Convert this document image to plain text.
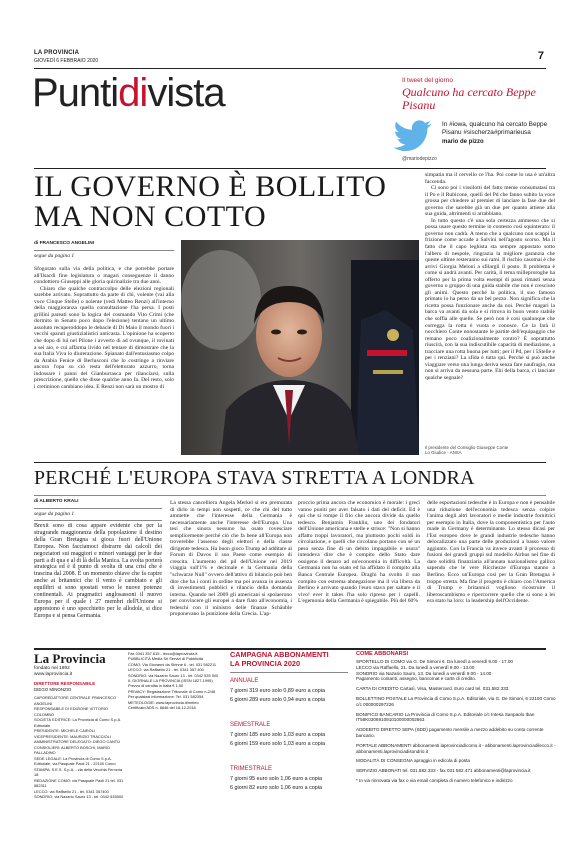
LA PROVINCIA
GIOVEDÌ 6 FEBBRAIO 2020	7
Puntidivista	Il tweet del giorno
Qualcuno ha cercato Beppe Pisanu
In #iowa, qualcuno ha cercato Beppe Pisanu #sischerza#primarieusa
mario de pizzo
@mariodepizzo
IL GOVERNO È BOLLITO
MA NON COTTO
di FRANCESCO ANGELINI
segue da pagina 1

Sfogorato sulla via della politica, e che potrebbe portare all'Ilsacdi fine legislatura o magari conseguenze il danno condottiero Giuseppi alle gloria quirinalizie tra due anni.

Chiaro che qualche contraccolpo delle elezioni regionali sarebbe arrivato. Soprattutto da parte di chi, volente (vai alla voce Cinque Stelle) o nolente (vedi Matteo Renzi) all'interno della maggioranza quella consultazione l'ha persa. I posti grillini pareati sono la logica del cosmando Vito Crimi (che dormito in Senato poco dopo l'elezione) tentano un ultimo assoluto recuperoddopo le debacle di Di Maio il mondo fuori i vecchi sparuti giustizialistici anticasta. L'opinione ha scoperto che dopo di lui nel Pilone i avverto di ad ovunque, il rovinati a sei aio, e cui affarma livido nel tentare di dimostrare che la sua Italia Viva lo diurerazione. Spianato dall'entusiasmo colpo da Arabia Fenice di Berlusconi che lo costringe a rinviare ancora l'opa su ciò resta dell'elettorato azzurro, torna indossare i panni del Gianburrasca per rilanciarsi, sulla prescrizione, quello che disse qualche anno fa. Del resto, solo i cretininon cambiano idea. E Renzi non sarà un mostro di

simpatia ma il cervello ce l'ha. Poi come lo usa è un'altra faccenda.

Ci sono poi i vissilotti del fatto meme consumatasi tra il Po e il Rubicone, quelli del Pd che fanno subito la voce grossa per chiedere al premier di lanciare la fase due del governo che sarebbe già un due per quanto attiene alla sua guida, altrimenti si arrabbiano.

In tutto questo c'è una sola certezza ammesso che si possa usare questo termine in contesto così squinterato: il governo non cadrà. A meno che a qualcuno non scappi la frizione come accade a Salvini nell'agosto scorso. Ma il fatto che il capo leghista sta sempre appostato sotto l'albero di nespole, ringrazia la migliore garanzia che queste ultime resteranno sui rami. Il rischio casomai è che arrivi Giorgia Meloni a sfilargli il posto. Il problema è come si andrà avanti. Per carità, il tema milleproroghe ha offerto per la prima volta esempi di passi rimasti senza governo o gruppo di una guida stabile che non è cresciuto gli animi. Questo perché la politica, il suo famoso primato lo ha perso da un bel pezzo. Non significa che la ricetta possa funzionare anche da noi. Perché magari la barca va avanti da sola e si ritrova in buon vento stabile che soffia alle quelle. Se però non è così qualunque che corregga la rotta è vuota e conosce. Ce la farà il nocchiero Conte nonostante le partite dell'equipaggio che remano poco coalizionalmente contro? È soprattutto riuscirà, con la sua indiscutibile capacità di mediazione, a tracciare una rotta buona per tutti; per il Pd, per i 5Stelle e per i renziani? La sfida è tutta qui. Perché si può anche viaggiare verso una lunga deriva senza fare naufragio, ma non si arriva da nessuna parte. Ehi della barca, ci lanciate qualche segnale?

Il presidente del Consiglio Giuseppe Conte
Lo Giudice - ANSA
PERCHÉ L'EUROPA STAVA STRETTA A LONDRA
di ALBERTO KRALI
segue da pagina 1

Brexit sono di cosa appare evidente che per la stragrande maggioranza della popolazione il destino della Gran Bretagna si gioca fuori dell'Unione Europea. Non facciamoci distrarre dai calcoli dei negoziatori sui maggiori e minori vantaggi per le due parti a di qua e al di là della Manica. La svolta porterà strategica ed è il punto di svolta di una crisi che è trascina dal 2008. È un momento chiave che fa capire anche ai britannici che il vento è cambiato e gli equilibri si sono spostati verso le nuove potenze continentali. Ai pragmatici anglosassoni il nuovo Europa per il quale i 27 membri dell'Unione si apprestono è uno specchietto per le allodole, si dice Europa e si pensa Germania.

La stessa cancelliera Angela Merkel si era premurata di dirlo in tempi non sospetti, ce che chi del tutto ammette che l'interesse della Germania è necessariamente anche l'interesse dell'Europa. Una tesi che sinora nessuno ha osato rovesciare semplicemente perché ciò che fa bene all'Europa non troverebbe l'assenso degli elettori e della classe dirigente tedesca. Ha buon gioco Trump ad additare al Forum di Davos il suo Paese come esempio di crescita. L'aumento del pil dell'Unione nel 2019 viaggia sull'1% e decimale e la Germania della "schwarze Null" ovvero dell'attivo di bilancio può ben dire che ha i conti in ordine ma poi avanza in assenza di investimenti pubblici e rilancio della domanda interna. Quando nel 2009 gli americani si spolaerono per convincere gli europei a dare fiato all'economia, i tedeschi con il ministro delle finanze Schäuble proponevano la punizione della Grecia. L'ap-

proccio prima ancora che economico è morale: i greci vanno puniti per aver falsato i dati del deficit. Ed è qui che si rompe il filo che ancora divide da quello tedesco. Benjamin Franklin, uno dei fondatori dell'Unione americana e stelle e strisce: "Non si hanno affatto troppi lavoratori, ma piuttosto pochi soldi in circolazione, e quelli che circolano portano con sé un peso senza fine di un debito impagabile e usura" intendeva dire che è compito dello Stato dare ossigeno il denaro ad un'economia in difficoltà. La Germania non ha osato ed ha affidato il compito alla Banca Centrale Europea. Draghi ha svolto il suo compito con estrema abnegazione ma il via libera da Berlino è arrivato quando l'euro stava per saltare e il vivo! ever it takes l'ha solo ripreso per i capelli. L'egemonia della Germania è spiegabile. Più del 60%

delle esportazioni tedesche è in Europa e non è pensabile una riduzione dell'economia tedesca senza colpire l'anima degli altri lavoratori e medie industrie fornitrici per esempio in Italia, dove la componentistica per l'auto made in Germany è determinante. Lo stesso dicasi per l'Est europeo dove le grandi industrie tedesche hanno delocalizzato una parte delle produzioni a basso valore aggiunto. Con la Francia va invece avanti il processo di fusioni dei grandi gruppi sul modello Airbus nel fine di dare solidità finanziaria all'annata nazionalismo gallico sapendo che le vere Ricchezze d'Europa stanno a Berlino. Ecco un'Europa così per la Gran Bretagna è troppo stretta. Ma fine il progetto è chiaro con l'America di Trump e britannici vogliono ricostruire il liberoscambismo e ripercorrere quello che si sono a lei era stato ha loro: la leadership dell'Occidente.

La Provincia
fondato nel 1892
www.laprovincia.it
DIRETTORE RESPONSABILE
DIEGO MINONZIO
CAPOREDATTORE CENTRALE FRANCESCO ANGELINI
RESPONSABILE DI EDIZIONE VITTORIO COLOMBO
SOCIETÀ EDITRICE: La Provincia di Como S.p.A. Editoriale
PRESIDENTE: MICHELE CAIROLI
VICEPRESIDENTE: MAURIZIO TRACCIOLI
AMMINISTRATORE DELEGATO: DIEGO CANTÙ
CONSIGLIERI: ALBERTO BOSCHI, MARIO PALLADINO
SEDE LEGALE: La Provincia di Como S.p.A. Editoriale, via Pasquale Paoli 21 - 22100 Como
STAMPA: S.E.S. S.p.A. - via della Vecchia Ferrovia 18
REDAZIONE COMO: via Pasquale Paoli 21 tel. 031 582311
LECCO: via Raffaello 21 - tel. 0341 357400
SONDRIO: via Nazario Sauro 13 - tel. 0342 535500
Fax 0341 357.615 - lecco@laprovincia.it
PUBBLICITÀ Media Srl Servizi di Pubblicità
COMO: Via Giovanni da Sirinne 6 - tel. 031 582211
LECCO: via Raffaello 21 - tel. 0341 357 400
SONDRIO: via Nazario Sauro 13 - tel. 0342 535 500
IL GIORNALE LA PROVINCIA (ISSN 1827-1995)
Prezzo di vendita in Italia € 1,50
PRIVACY: Registrazione Tribunale di Como n.2/48
Per qualsiasi informazione: Tel. 031 582354
METEOLOGIE: www.laprovincia.it/meteo
Certificato ADS n. 8646 del 18-12-2018
CAMPAGNA ABBONAMENTI
LA PROVINCIA 2020
ANNUALE
7 giorni 319 euro solo 0,89 euro a copia
6 giorni 289 euro solo 0,94 euro a copia
SEMESTRALE
7 giorni 185 euro solo 1,03 euro a copia
6 giorni 159 euro solo 1,03 euro a copia
TRIMESTRALE
7 giorni 95 euro solo 1,06 euro a copia
6 giorni 82 euro solo 1,06 euro a copia
COME ABBONARSI
SPORTELLO DI COMO via G. De Simoni 6. Da lunedì a venerdì 9.00 - 17.00
LECCO via Raffaello, 21. Da lunedì a venerdì 9.00 - 13.00
SONDRIO via Nazario Sauro, 13. Da lunedì a venerdì 9.00 - 14.00
Pagamento contanti, assegno, bancomat e carte di credito.
CARTA DI CREDITO Cartasì, Visa, Mastercard. Euro card tel. 031.582.333.
BOLLETTINO POSTALE La Provincia di Como S.p.A. Editoriale, via G. De Simoni, 6 22100 Como c/c 000000297226
BONIFICO BANCARIO La Provincia di Como S.p.A. Editoriale c/c Intesa Sanpaolo Iban IT58K0306910910100000002663
ADDEBITO DIRETTO SEPA (SDD) pagamento mensile a mezzo addebito su conto corrente bancario.
PORTALE ABBONAMENTI abbonamenti.laprovinciadicomo.it - abbonamenti.laprovinciadilecco.it - abbonamenti.laprovinciadisondrio.it
MODALITÀ DI CONSEGNA apraggio in edicola di posta
SERVIZIO ABBONATI tel. 031.582.333 - fax 031 582.471 abbonamenti@laprovincia.it
* In via rinnovata via fax o via email completa di numero telefonico e indirizzo
